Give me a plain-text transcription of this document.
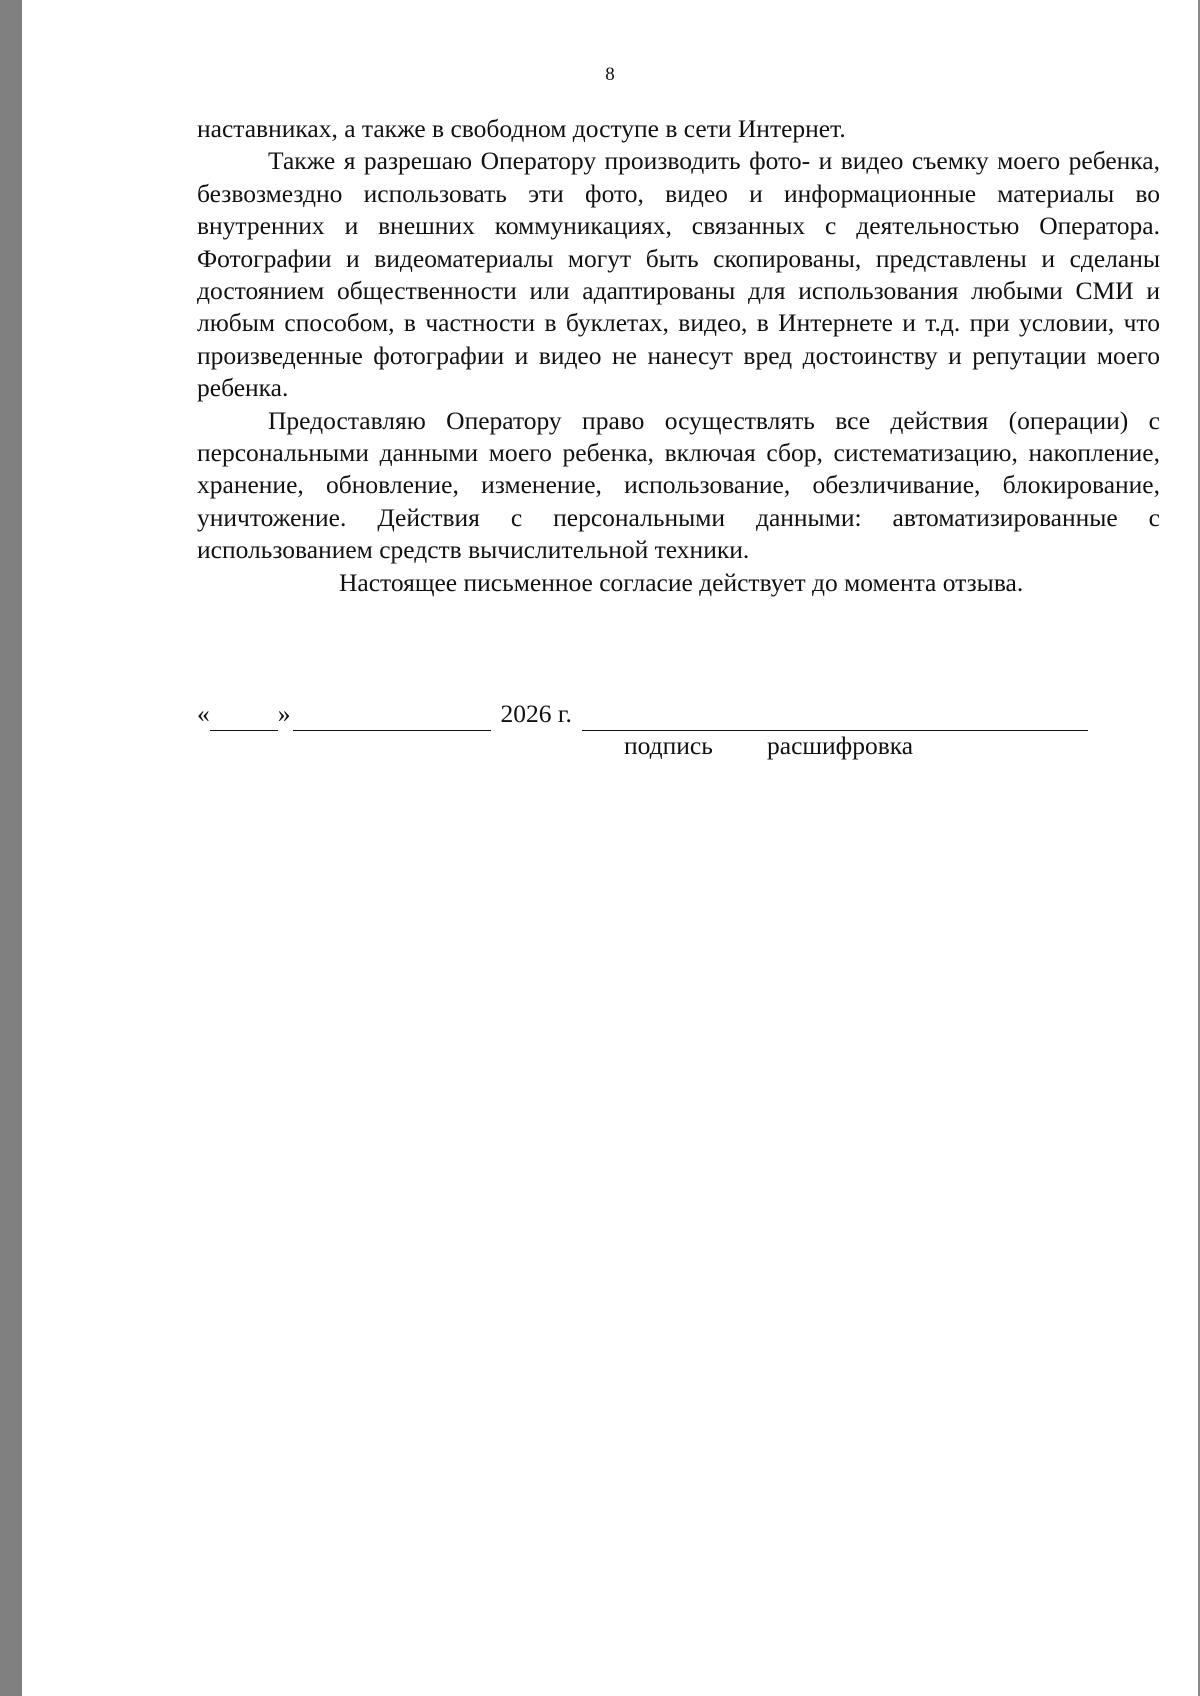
8

наставниках, а также в свободном доступе в сети Интернет.

Также я разрешаю Оператору производить фото- и видео съемку моего ребенка, безвозмездно использовать эти фото, видео и информационные материалы во внутренних и внешних коммуникациях, связанных с деятельностью Оператора. Фотографии и видеоматериалы могут быть скопированы, представлены и сделаны достоянием общественности или адаптированы для использования любыми СМИ и любым способом, в частности в буклетах, видео, в Интернете и т.д. при условии, что произведенные фотографии и видео не нанесут вред достоинству и репутации моего ребенка.

Предоставляю Оператору право осуществлять все действия (операции) с персональными данными моего ребенка, включая сбор, систематизацию, накопление, хранение, обновление, изменение, использование, обезличивание, блокирование, уничтожение. Действия с персональными данными: автоматизированные с использованием средств вычислительной техники.

Настоящее письменное согласие действует до момента отзыва.

«	»	2026 г.
подпись расшифровка
